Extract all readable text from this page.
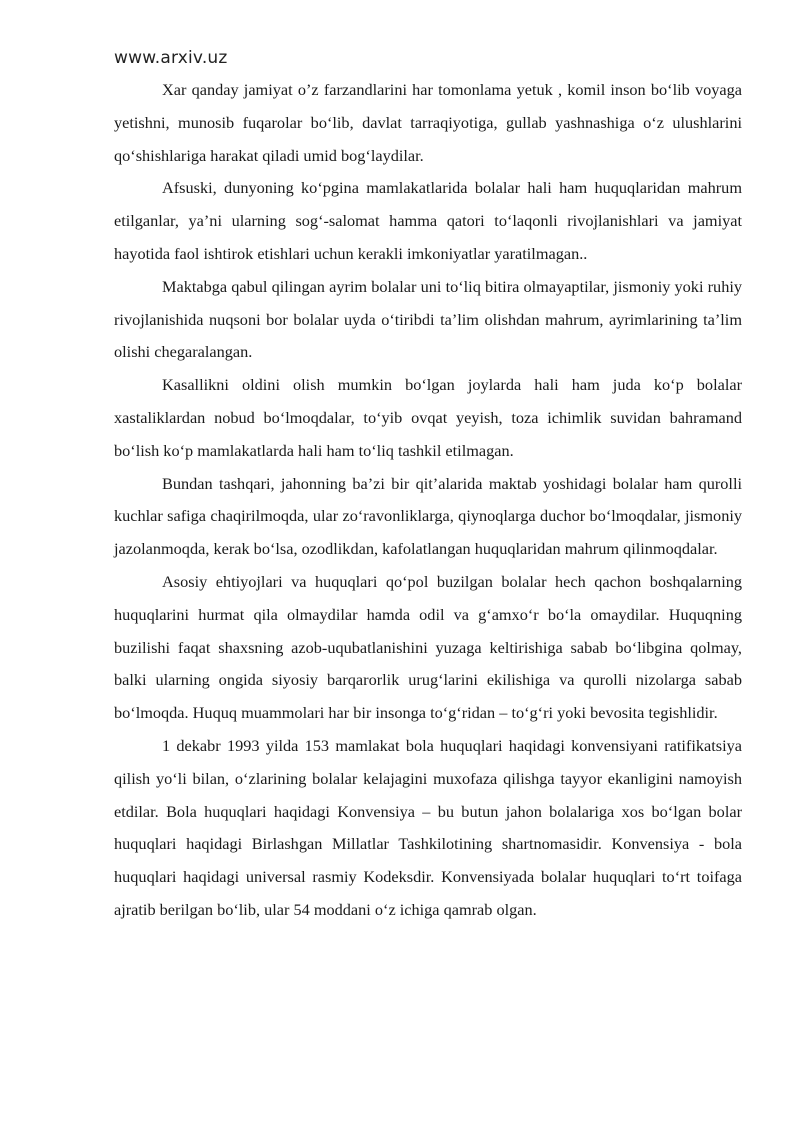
www.arxiv.uz

Xar qanday jamiyat o’z farzandlarini har tomonlama yetuk , komil inson bo‘lib voyaga yetishni, munosib fuqarolar bo‘lib, davlat tarraqiyotiga, gullab yashnashiga o‘z ulushlarini qo‘shishlariga harakat qiladi umid bog‘laydilar.

Afsuski, dunyoning ko‘pgina mamlakatlarida bolalar hali ham huquqlaridan mahrum etilganlar, ya’ni ularning sog‘-salomat hamma qatori to‘laqonli rivojlanishlari va jamiyat hayotida faol ishtirok etishlari uchun kerakli imkoniyatlar yaratilmagan..

Maktabga qabul qilingan ayrim bolalar uni to‘liq bitira olmayaptilar, jismoniy yoki ruhiy rivojlanishida nuqsoni bor bolalar uyda o‘tiribdi ta’lim olishdan mahrum, ayrimlarining ta’lim olishi chegaralangan.

Kasallikni oldini olish mumkin bo‘lgan joylarda hali ham juda ko‘p bolalar xastaliklardan nobud bo‘lmoqdalar, to‘yib ovqat yeyish, toza ichimlik suvidan bahramand bo‘lish ko‘p mamlakatlarda hali ham to‘liq tashkil etilmagan.

Bundan tashqari, jahonning ba’zi bir qit’alarida maktab yoshidagi bolalar ham qurolli kuchlar safiga chaqirilmoqda, ular zo‘ravonliklarga, qiynoqlarga duchor bo‘lmoqdalar, jismoniy jazolanmoqda, kerak bo‘lsa, ozodlikdan, kafolatlangan huquqlaridan mahrum qilinmoqdalar.

Asosiy ehtiyojlari va huquqlari qo‘pol buzilgan bolalar hech qachon boshqalarning huquqlarini hurmat qila olmaydilar hamda odil va g‘amxo‘r bo‘la omaydilar. Huquqning buzilishi faqat shaxsning azob-uqubatlanishini yuzaga keltirishiga sabab bo‘libgina qolmay, balki ularning ongida siyosiy barqarorlik urug‘larini ekilishiga va qurolli nizolarga sabab bo‘lmoqda. Huquq muammolari har bir insonga to‘g‘ridan – to‘g‘ri yoki bevosita tegishlidir.

1 dekabr 1993 yilda 153 mamlakat bola huquqlari haqidagi konvensiyani ratifikatsiya qilish yo‘li bilan, o‘zlarining bolalar kelajagini muxofaza qilishga tayyor ekanligini namoyish etdilar. Bola huquqlari haqidagi Konvensiya – bu butun jahon bolalariga xos bo‘lgan bolar huquqlari haqidagi Birlashgan Millatlar Tashkilotining shartnomasidir. Konvensiya - bola huquqlari haqidagi universal rasmiy Kodeksdir. Konvensiyada bolalar huquqlari to‘rt toifaga ajratib berilgan bo‘lib, ular 54 moddani o‘z ichiga qamrab olgan.
